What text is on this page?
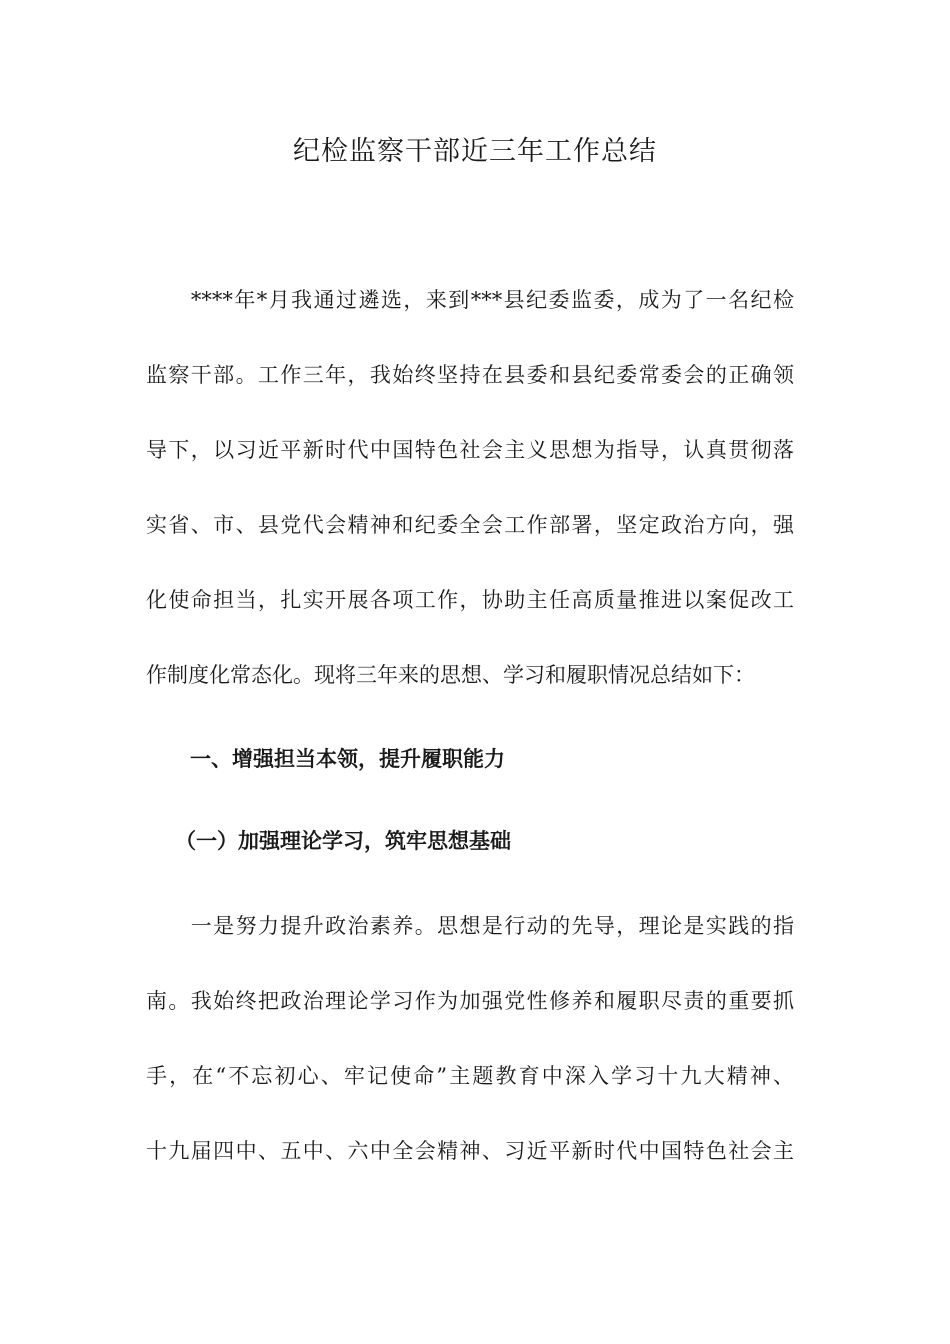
纪检监察干部近三年工作总结
　　****年*月我通过遴选，来到***县纪委监委，成为了一名纪检
监察干部。工作三年，我始终坚持在县委和县纪委常委会的正确领
导下，以习近平新时代中国特色社会主义思想为指导，认真贯彻落
实省、市、县党代会精神和纪委全会工作部署，坚定政治方向，强
化使命担当，扎实开展各项工作，协助主任高质量推进以案促改工
作制度化常态化。现将三年来的思想、学习和履职情况总结如下：
一、增强担当本领，提升履职能力
（一）加强理论学习，筑牢思想基础
　　一是努力提升政治素养。思想是行动的先导，理论是实践的指
南。我始终把政治理论学习作为加强党性修养和履职尽责的重要抓
手，在“不忘初心、牢记使命”主题教育中深入学习十九大精神、
十九届四中、五中、六中全会精神、习近平新时代中国特色社会主
